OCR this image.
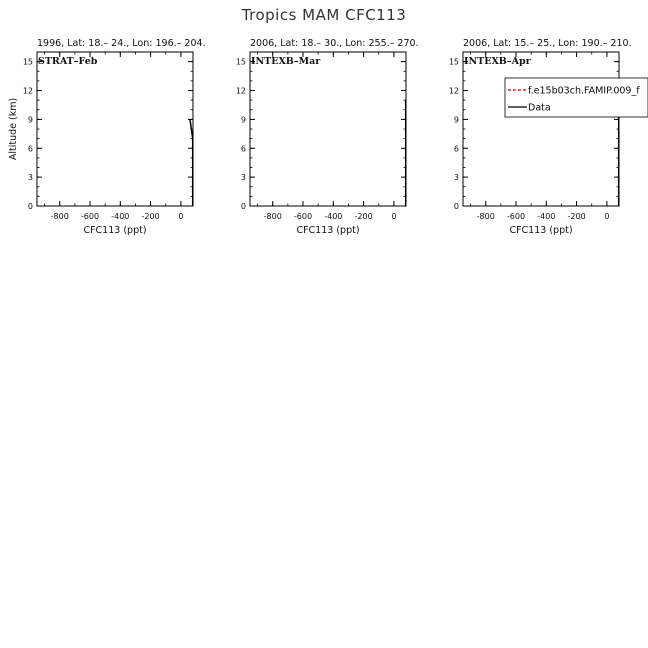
Tropics MAM CFC113
1996, Lat: 18.– 24., Lon: 196.– 204.
STRAT–Feb
0
3
6
9
12
15
-800 -600 -400 -200 0
CFC113 (ppt)
Altitude (km)
2006, Lat: 18.– 30., Lon: 255.– 270.
INTEXB–Mar
0
3
6
9
12
15
-800 -600 -400 -200 0
CFC113 (ppt)
2006, Lat: 15.– 25., Lon: 190.– 210.
INTEXB–Apr
0
3
6
9
12
15
-800 -600 -400 -200 0
CFC113 (ppt)
f.e15b03ch.FAMIP.009_f
Data
